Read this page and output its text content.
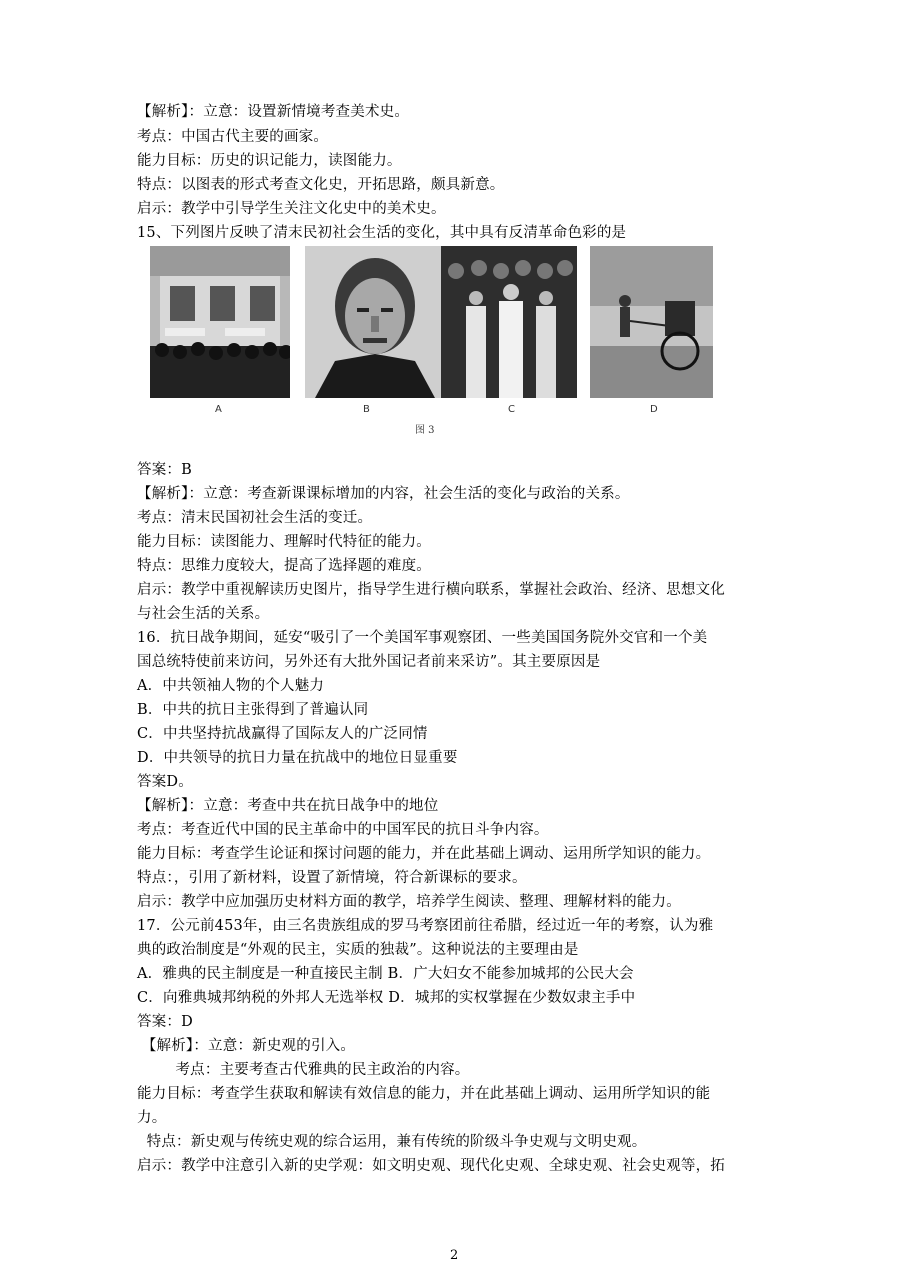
【解析】：立意：设置新情境考查美术史。
考点：中国古代主要的画家。
能力目标：历史的识记能力，读图能力。
特点：以图表的形式考查文化史，开拓思路，颇具新意。
启示：教学中引导学生关注文化史中的美术史。
15、下列图片反映了清末民初社会生活的变化，其中具有反清革命色彩的是
A	B	C	D
图 3
答案：B
【解析】：立意：考查新课课标增加的内容，社会生活的变化与政治的关系。
考点：清末民国初社会生活的变迁。
能力目标：读图能力、理解时代特征的能力。
特点：思维力度较大，提高了选择题的难度。
启示：教学中重视解读历史图片，指导学生进行横向联系，掌握社会政治、经济、思想文化
与社会生活的关系。
16．抗日战争期间，延安“吸引了一个美国军事观察团、一些美国国务院外交官和一个美
国总统特使前来访问，另外还有大批外国记者前来采访”。其主要原因是
A．中共领袖人物的个人魅力
B．中共的抗日主张得到了普遍认同
C．中共坚持抗战赢得了国际友人的广泛同情
D．中共领导的抗日力量在抗战中的地位日显重要
答案D。
【解析】：立意：考查中共在抗日战争中的地位
考点：考查近代中国的民主革命中的中国军民的抗日斗争内容。
能力目标：考查学生论证和探讨问题的能力，并在此基础上调动、运用所学知识的能力。
特点：，引用了新材料，设置了新情境，符合新课标的要求。
启示：教学中应加强历史材料方面的教学，培养学生阅读、整理、理解材料的能力。
17．公元前453年，由三名贵族组成的罗马考察团前往希腊，经过近一年的考察，认为雅
典的政治制度是“外观的民主，实质的独裁”。这种说法的主要理由是
A．雅典的民主制度是一种直接民主制 B．广大妇女不能参加城邦的公民大会
C．向雅典城邦纳税的外邦人无选举权 D．城邦的实权掌握在少数奴隶主手中
答案：D
【解析】：立意：新史观的引入。
考点：主要考查古代雅典的民主政治的内容。
能力目标：考查学生获取和解读有效信息的能力，并在此基础上调动、运用所学知识的能
力。
特点：新史观与传统史观的综合运用，兼有传统的阶级斗争史观与文明史观。
启示：教学中注意引入新的史学观：如文明史观、现代化史观、全球史观、社会史观等，拓
2
